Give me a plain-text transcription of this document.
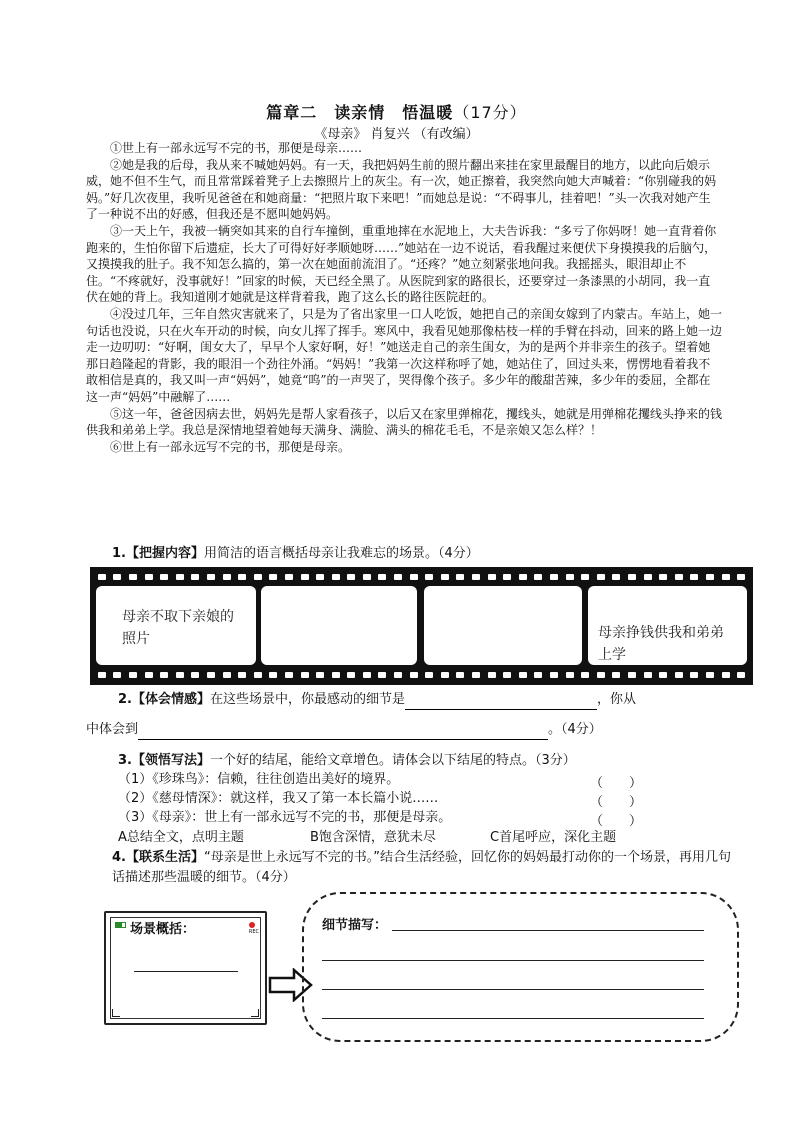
篇章二　读亲情　悟温暖（17分）
《母亲》 肖复兴 （有改编）

①世上有一部永远写不完的书，那便是母亲……

②她是我的后母，我从来不喊她妈妈。有一天，我把妈妈生前的照片翻出来挂在家里最醒目的地方，以此向后娘示威，她不但不生气，而且常常踩着凳子上去擦照片上的灰尘。有一次，她正擦着，我突然向她大声喊着：“你别碰我的妈妈。”好几次夜里，我听见爸爸在和她商量：“把照片取下来吧！”而她总是说：“不碍事儿，挂着吧！”头一次我对她产生了一种说不出的好感，但我还是不愿叫她妈妈。

③一天上午，我被一辆突如其来的自行车撞倒，重重地摔在水泥地上，大夫告诉我：“多亏了你妈呀！她一直背着你跑来的，生怕你留下后遗症，长大了可得好好孝顺她呀……”她站在一边不说话，看我醒过来便伏下身摸摸我的后脑勺，又摸摸我的肚子。我不知怎么搞的，第一次在她面前流泪了。“还疼？”她立刻紧张地问我。我摇摇头，眼泪却止不住。“不疼就好，没事就好！”回家的时候，天已经全黑了。从医院到家的路很长，还要穿过一条漆黑的小胡同，我一直伏在她的背上。我知道刚才她就是这样背着我，跑了这么长的路往医院赶的。

④没过几年，三年自然灾害就来了，只是为了省出家里一口人吃饭，她把自己的亲闺女嫁到了内蒙古。车站上，她一句话也没说，只在火车开动的时候，向女儿挥了挥手。寒风中，我看见她那像枯枝一样的手臂在抖动，回来的路上她一边走一边叨叨：“好啊，闺女大了，早早个人家好啊，好！”她送走自己的亲生闺女，为的是两个并非亲生的孩子。望着她那日趋隆起的背影，我的眼泪一个劲往外涌。“妈妈！”我第一次这样称呼了她，她站住了，回过头来，愣愣地看着我不敢相信是真的，我又叫一声“妈妈”，她竟“呜”的一声哭了，哭得像个孩子。多少年的酸甜苦辣，多少年的委屈，全都在这一声“妈妈”中融解了……

⑤这一年，爸爸因病去世，妈妈先是帮人家看孩子，以后又在家里弹棉花，攫线头，她就是用弹棉花攫线头挣来的钱供我和弟弟上学。我总是深情地望着她每天满身、满脸、满头的棉花毛毛，不是亲娘又怎么样？！

⑥世上有一部永远写不完的书，那便是母亲。

1.【把握内容】用简洁的语言概括母亲让我难忘的场景。（4分）
母亲不取下亲娘的照片	母亲挣钱供我和弟弟上学
2.【体会情感】在这些场景中，你最感动的细节是	，你从
中体会到	。（4分）
3.【领悟写法】一个好的结尾，能给文章增色。请体会以下结尾的特点。（3分）
（1）《珍珠鸟》：信赖，往往创造出美好的境界。	（　　）
（2）《慈母情深》：就这样，我又了第一本长篇小说……	（　　）
（3）《母亲》：世上有一部永远写不完的书，那便是母亲。	（　　）
A总结全文，点明主题	B饱含深情，意犹未尽	C首尾呼应，深化主题
4.【联系生活】“母亲是世上永远写不完的书。”结合生活经验，回忆你的妈妈最打动你的一个场景，再用几句话描述那些温暖的细节。（4分）
场景概括：	REC	细节描写：
